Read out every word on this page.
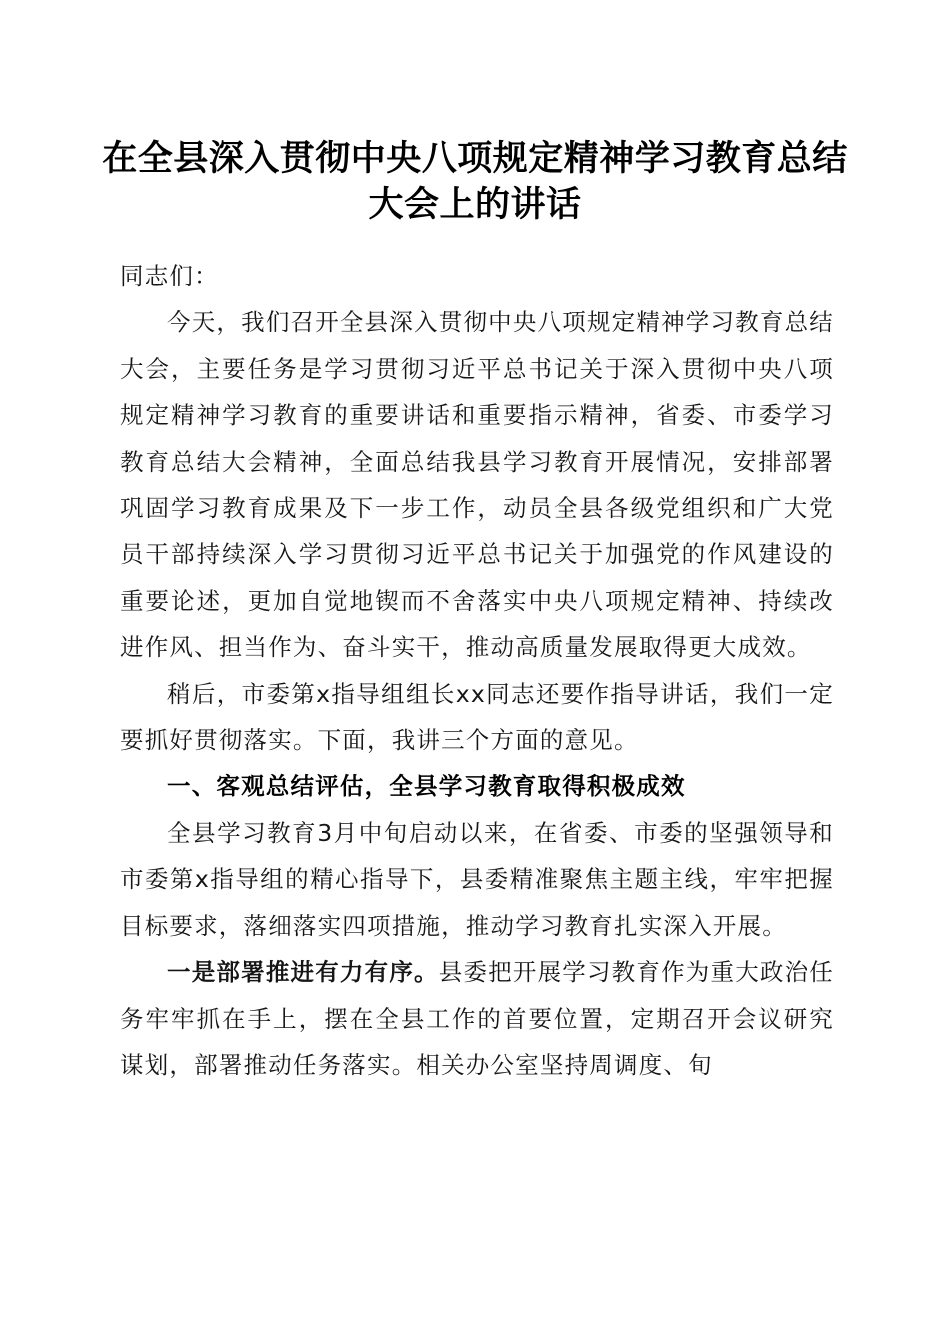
在全县深入贯彻中央八项规定精神学习教育总结大会上的讲话

同志们：

今天，我们召开全县深入贯彻中央八项规定精神学习教育总结大会，主要任务是学习贯彻习近平总书记关于深入贯彻中央八项规定精神学习教育的重要讲话和重要指示精神，省委、市委学习教育总结大会精神，全面总结我县学习教育开展情况，安排部署巩固学习教育成果及下一步工作，动员全县各级党组织和广大党员干部持续深入学习贯彻习近平总书记关于加强党的作风建设的重要论述，更加自觉地锲而不舍落实中央八项规定精神、持续改进作风、担当作为、奋斗实干，推动高质量发展取得更大成效。

稍后，市委第x指导组组长xx同志还要作指导讲话，我们一定要抓好贯彻落实。下面，我讲三个方面的意见。

一、客观总结评估，全县学习教育取得积极成效

全县学习教育3月中旬启动以来，在省委、市委的坚强领导和市委第x指导组的精心指导下，县委精准聚焦主题主线，牢牢把握目标要求，落细落实四项措施，推动学习教育扎实深入开展。

一是部署推进有力有序。县委把开展学习教育作为重大政治任务牢牢抓在手上，摆在全县工作的首要位置，定期召开会议研究谋划，部署推动任务落实。相关办公室坚持周调度、旬
